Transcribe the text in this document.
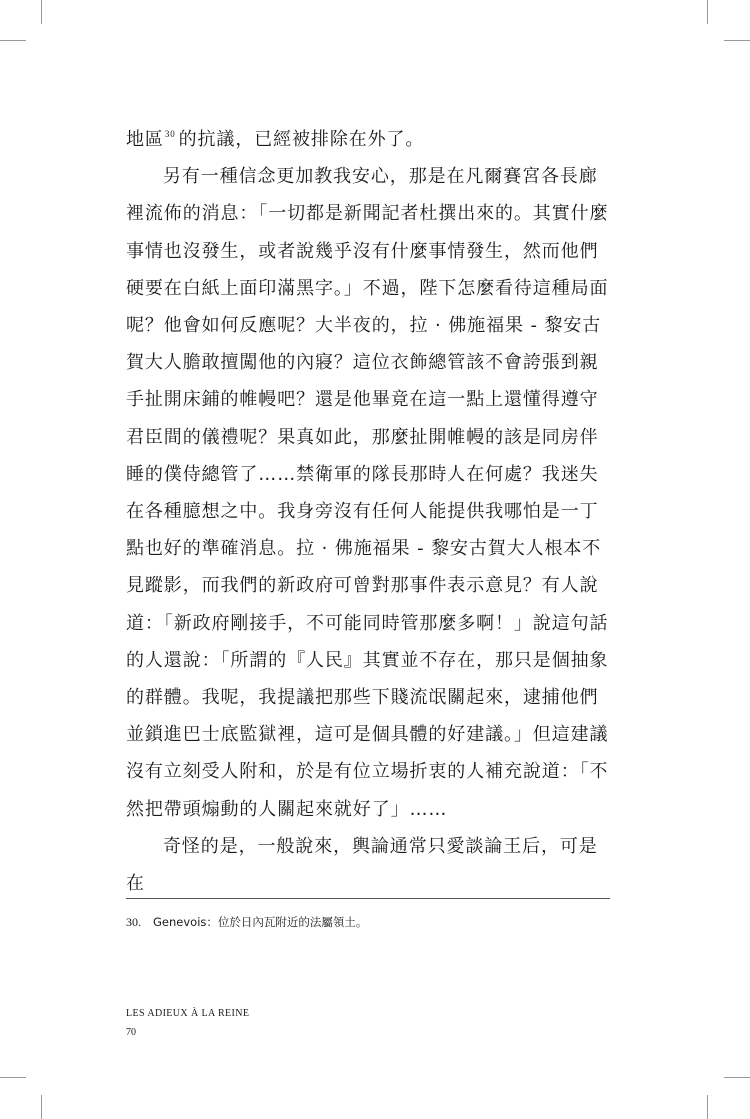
地區$^{30}$ 的抗議，已經被排除在外了。

另有一種信念更加教我安心，那是在凡爾賽宮各長廊裡流佈的消息：「一切都是新聞記者杜撰出來的。其實什麼事情也沒發生，或者說幾乎沒有什麼事情發生，然而他們硬要在白紙上面印滿黑字。」不過，陛下怎麼看待這種局面呢？他會如何反應呢？大半夜的，拉 · 佛施福果 - 黎安古賀大人膽敢擅闖他的內寢？這位衣飾總管該不會誇張到親手扯開床鋪的帷幔吧？還是他畢竟在這一點上還懂得遵守君臣間的儀禮呢？果真如此，那麼扯開帷幔的該是同房伴睡的僕侍總管了……禁衛軍的隊長那時人在何處？我迷失在各種臆想之中。我身旁沒有任何人能提供我哪怕是一丁點也好的準確消息。拉 · 佛施福果 - 黎安古賀大人根本不見蹤影，而我們的新政府可曾對那事件表示意見？有人說道：「新政府剛接手，不可能同時管那麼多啊！」說這句話的人還說：「所謂的『人民』其實並不存在，那只是個抽象的群體。我呢，我提議把那些下賤流氓關起來，逮捕他們並鎖進巴士底監獄裡，這可是個具體的好建議。」但這建議沒有立刻受人附和，於是有位立場折衷的人補充說道：「不然把帶頭煽動的人關起來就好了」……

奇怪的是，一般說來，輿論通常只愛談論王后，可是在

30. Genevois：位於日內瓦附近的法屬領土。
LES ADIEUX À LA REINE
70
